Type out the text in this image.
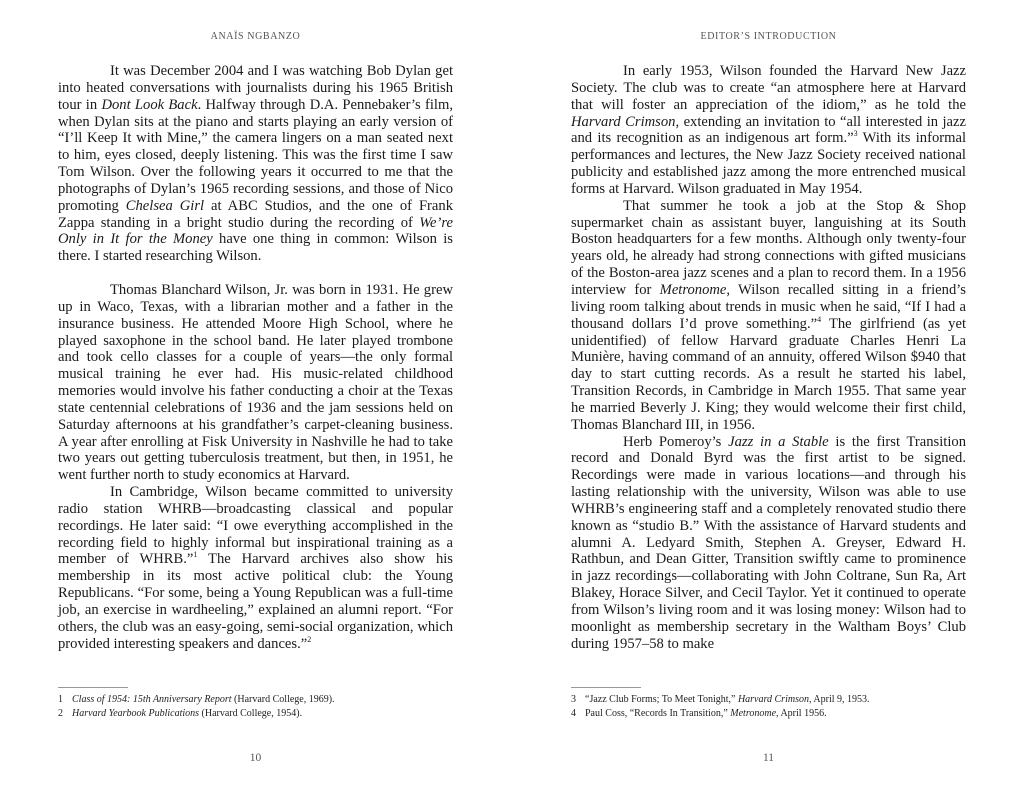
ANAÏS NGBANZO

It was December 2004 and I was watching Bob Dylan get into heated conversations with journalists during his 1965 British tour in Dont Look Back. Halfway through D.A. Pennebaker’s film, when Dylan sits at the piano and starts playing an early version of “I’ll Keep It with Mine,” the camera lingers on a man seated next to him, eyes closed, deeply listening. This was the first time I saw Tom Wilson. Over the following years it occurred to me that the photographs of Dylan’s 1965 recording sessions, and those of Nico promoting Chelsea Girl at ABC Studios, and the one of Frank Zappa standing in a bright studio during the recording of We’re Only in It for the Money have one thing in common: Wilson is there. I started researching Wilson.

Thomas Blanchard Wilson, Jr. was born in 1931. He grew up in Waco, Texas, with a librarian mother and a father in the insurance business. He attended Moore High School, where he played saxophone in the school band. He later played trombone and took cello classes for a couple of years—the only formal musical training he ever had. His music-related childhood memories would involve his father conducting a choir at the Texas state centennial celebrations of 1936 and the jam sessions held on Saturday afternoons at his grandfather’s carpet-cleaning business. A year after enrolling at Fisk University in Nashville he had to take two years out getting tuberculosis treatment, but then, in 1951, he went further north to study economics at Harvard.

In Cambridge, Wilson became committed to university radio station WHRB—broadcasting classical and popular recordings. He later said: “I owe everything accomplished in the recording field to highly informal but inspirational training as a member of WHRB.”$^1$ The Harvard archives also show his membership in its most active political club: the Young Republicans. “For some, being a Young Republican was a full-time job, an exercise in wardheeling,” explained an alumni report. “For others, the club was an easy-going, semi-social organization, which provided interesting speakers and dances.”$^2$

1 Class of 1954: 15th Anniversary Report (Harvard College, 1969).
2 Harvard Yearbook Publications (Harvard College, 1954).
10
EDITOR’S INTRODUCTION

In early 1953, Wilson founded the Harvard New Jazz Society. The club was to create “an atmosphere here at Harvard that will foster an appreciation of the idiom,” as he told the Harvard Crimson, extending an invitation to “all interested in jazz and its recognition as an indigenous art form.”$^3$ With its informal performances and lectures, the New Jazz Society received national publicity and established jazz among the more entrenched musical forms at Harvard. Wilson graduated in May 1954.

That summer he took a job at the Stop & Shop supermarket chain as assistant buyer, languishing at its South Boston headquarters for a few months. Although only twenty-four years old, he already had strong connections with gifted musicians of the Boston-area jazz scenes and a plan to record them. In a 1956 interview for Metronome, Wilson recalled sitting in a friend’s living room talking about trends in music when he said, “If I had a thousand dollars I’d prove something.”$^4$ The girlfriend (as yet unidentified) of fellow Harvard graduate Charles Henri La Munière, having command of an annuity, offered Wilson $940 that day to start cutting records. As a result he started his label, Transition Records, in Cambridge in March 1955. That same year he married Beverly J. King; they would welcome their first child, Thomas Blanchard III, in 1956.

Herb Pomeroy’s Jazz in a Stable is the first Transition record and Donald Byrd was the first artist to be signed. Recordings were made in various locations—and through his lasting relationship with the university, Wilson was able to use WHRB’s engineering staff and a completely renovated studio there known as “studio B.” With the assistance of Harvard students and alumni A. Ledyard Smith, Stephen A. Greyser, Edward H. Rathbun, and Dean Gitter, Transition swiftly came to prominence in jazz recordings—collaborating with John Coltrane, Sun Ra, Art Blakey, Horace Silver, and Cecil Taylor. Yet it continued to operate from Wilson’s living room and it was losing money: Wilson had to moonlight as membership secretary in the Waltham Boys’ Club during 1957–58 to make

3 “Jazz Club Forms; To Meet Tonight,” Harvard Crimson, April 9, 1953.
4 Paul Coss, “Records In Transition,” Metronome, April 1956.
11
